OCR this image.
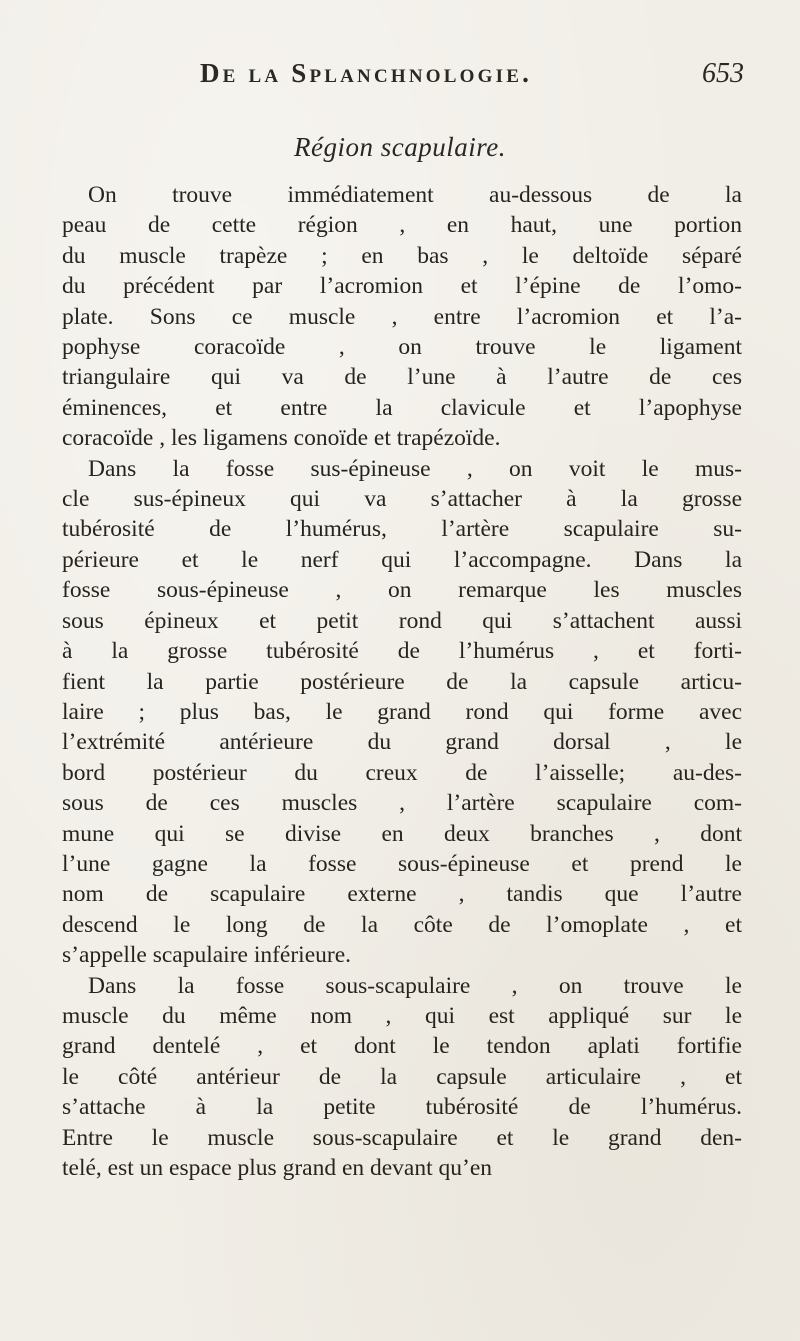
De la Splanchnologie.	653
Région scapulaire.
On trouve immédiatement au-dessous de la
peau de cette région , en haut, une portion
du muscle trapèze ; en bas , le deltoïde séparé
du précédent par l’acromion et l’épine de l’omo-
plate. Sons ce muscle , entre l’acromion et l’a-
pophyse coracoïde , on trouve le ligament
triangulaire qui va de l’une à l’autre de ces
éminences, et entre la clavicule et l’apophyse
coracoïde , les ligamens conoïde et trapézoïde.
Dans la fosse sus-épineuse , on voit le mus-
cle sus-épineux qui va s’attacher à la grosse
tubérosité de l’humérus, l’artère scapulaire su-
périeure et le nerf qui l’accompagne. Dans la
fosse sous-épineuse , on remarque les muscles
sous épineux et petit rond qui s’attachent aussi
à la grosse tubérosité de l’humérus , et forti-
fient la partie postérieure de la capsule articu-
laire ; plus bas, le grand rond qui forme avec
l’extrémité antérieure du grand dorsal , le
bord postérieur du creux de l’aisselle; au-des-
sous de ces muscles , l’artère scapulaire com-
mune qui se divise en deux branches , dont
l’une gagne la fosse sous-épineuse et prend le
nom de scapulaire externe , tandis que l’autre
descend le long de la côte de l’omoplate , et
s’appelle scapulaire inférieure.
Dans la fosse sous-scapulaire , on trouve le
muscle du même nom , qui est appliqué sur le
grand dentelé , et dont le tendon aplati fortifie
le côté antérieur de la capsule articulaire , et
s’attache à la petite tubérosité de l’humérus.
Entre le muscle sous-scapulaire et le grand den-
telé, est un espace plus grand en devant qu’en
